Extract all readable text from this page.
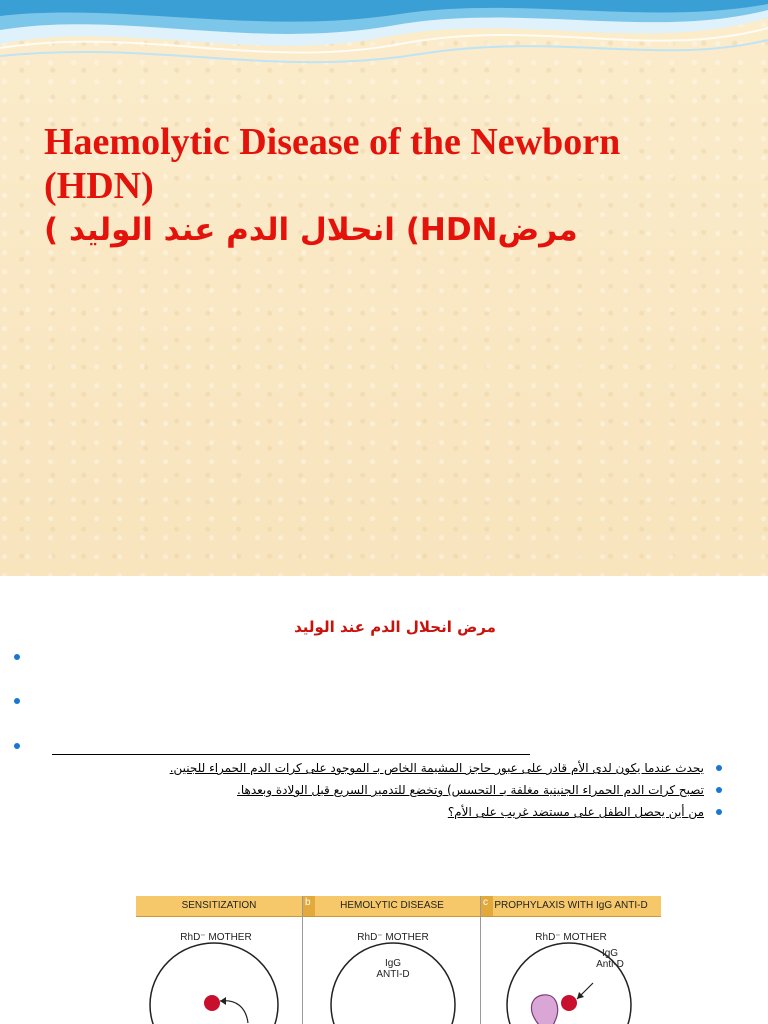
Haemolytic Disease of the Newborn
(HDN)
مرضHDN) انحلال الدم عند الوليد )
مرض انحلال الدم عند الوليد
يحدث عندما يكون لدى الأم قادر على عبور حاجز المشيمة الخاص بـ الموجود على كرات الدم الحمراء للجنين.
تصبح كرات الدم الحمراء الجنينية مغلفة بـ التحسس) وتخضع للتدمير السريع قبل الولادة وبعدها.
من أين يحصل الطفل على مستضد غريب على الأم؟
SENSITIZATION
RhD⁻ MOTHER
b	HEMOLYTIC DISEASE
RhD⁻ MOTHER
IgG
ANTI-D
c PROPHYLAXIS WITH IgG ANTI-D
RhD⁻ MOTHER
IgG
Anti-D
